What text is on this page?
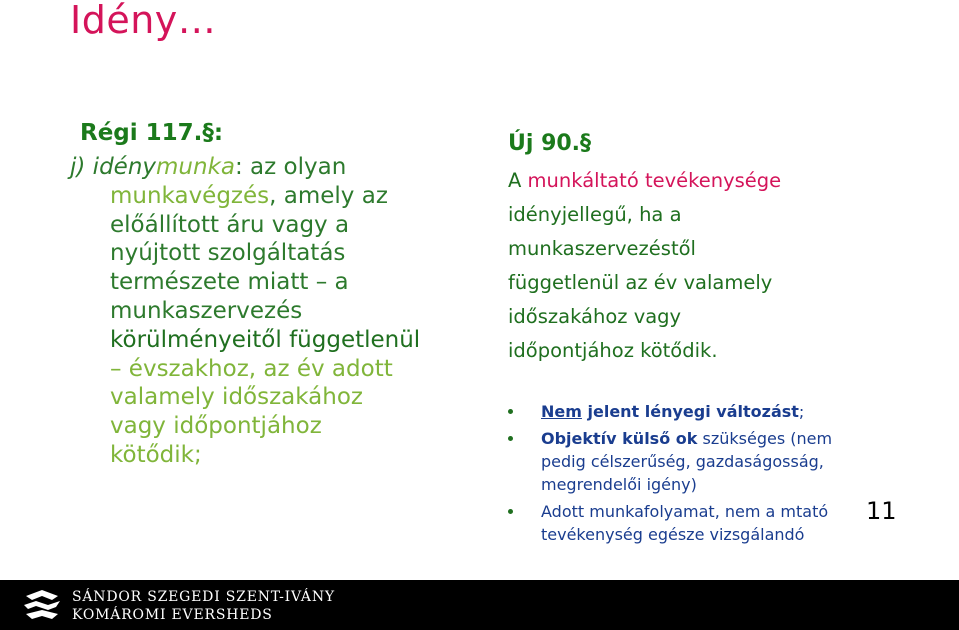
Idény…
Régi 117.§:
j) idénymunka: az olyan
munkavégzés, amely az
előállított áru vagy a
nyújtott szolgáltatás
természete miatt – a
munkaszervezés
körülményeitől függetlenül
– évszakhoz, az év adott
valamely időszakához
vagy időpontjához
kötődik;
Új 90.§
A munkáltató tevékenysége
idényjellegű, ha a
munkaszervezéstől
függetlenül az év valamely
időszakához vagy
időpontjához kötődik.
Nem jelent lényegi változást;
Objektív külső ok szükséges (nem
pedig célszerűség, gazdaságosság,
megrendelői igény)
Adott munkafolyamat, nem a mtató
tevékenység egésze vizsgálandó
11
SÁNDOR SZEGEDI SZENT-IVÁNY
KOMÁROMI EVERSHEDS
